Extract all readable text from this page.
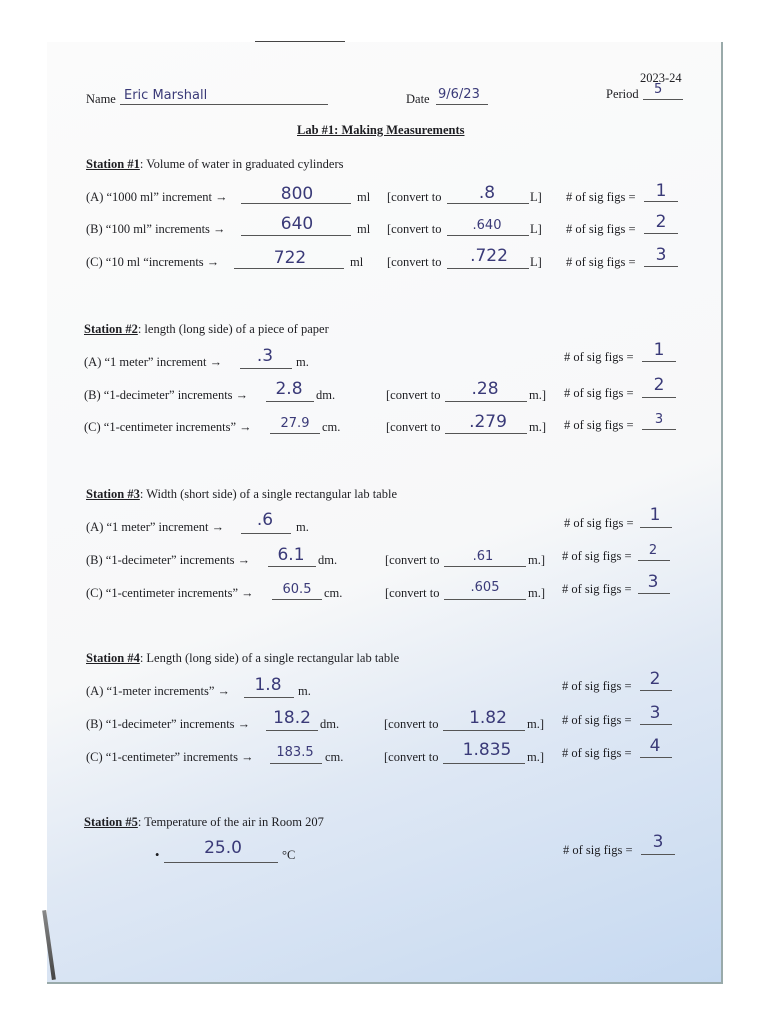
2023-24
Name Eric Marshall	Date 9/6/23	Period 5
Lab #1: Making Measurements
Station #1: Volume of water in graduated cylinders
(A) “1000 ml” increment →	800	ml [convert to	.8	L] # of sig figs =	1
(B) “100 ml” increments →	640	ml [convert to	.640	L] # of sig figs =	2
(C) “10 ml “increments →	722	ml [convert to	.722	L] # of sig figs =	3
Station #2: length (long side) of a piece of paper
(A) “1 meter” increment →	.3	m.	# of sig figs =	1
(B) “1-decimeter” increments →	2.8	dm.	[convert to	.28	m.] # of sig figs =	2
(C) “1-centimeter increments” →	27.9	cm.	[convert to	.279	m.] # of sig figs =	3
Station #3: Width (short side) of a single rectangular lab table
(A) “1 meter” increment →	.6	m.	# of sig figs = 1
(B) “1-decimeter” increments →	6.1	dm.	[convert to	.61	m.] # of sig figs =	2
(C) “1-centimeter increments” →	60.5	cm.	[convert to	.605	m.] # of sig figs = 3
Station #4: Length (long side) of a single rectangular lab table
(A) “1-meter increments” →	1.8	m.	# of sig figs =	2
(B) “1-decimeter” increments → 18.2 dm.	[convert to	1.82	m.] # of sig figs =	3
(C) “1-centimeter” increments →	183.5 cm.	[convert to	1.835	m.] # of sig figs =	4
Station #5: Temperature of the air in Room 207
•	25.0	°C	# of sig figs =	3
